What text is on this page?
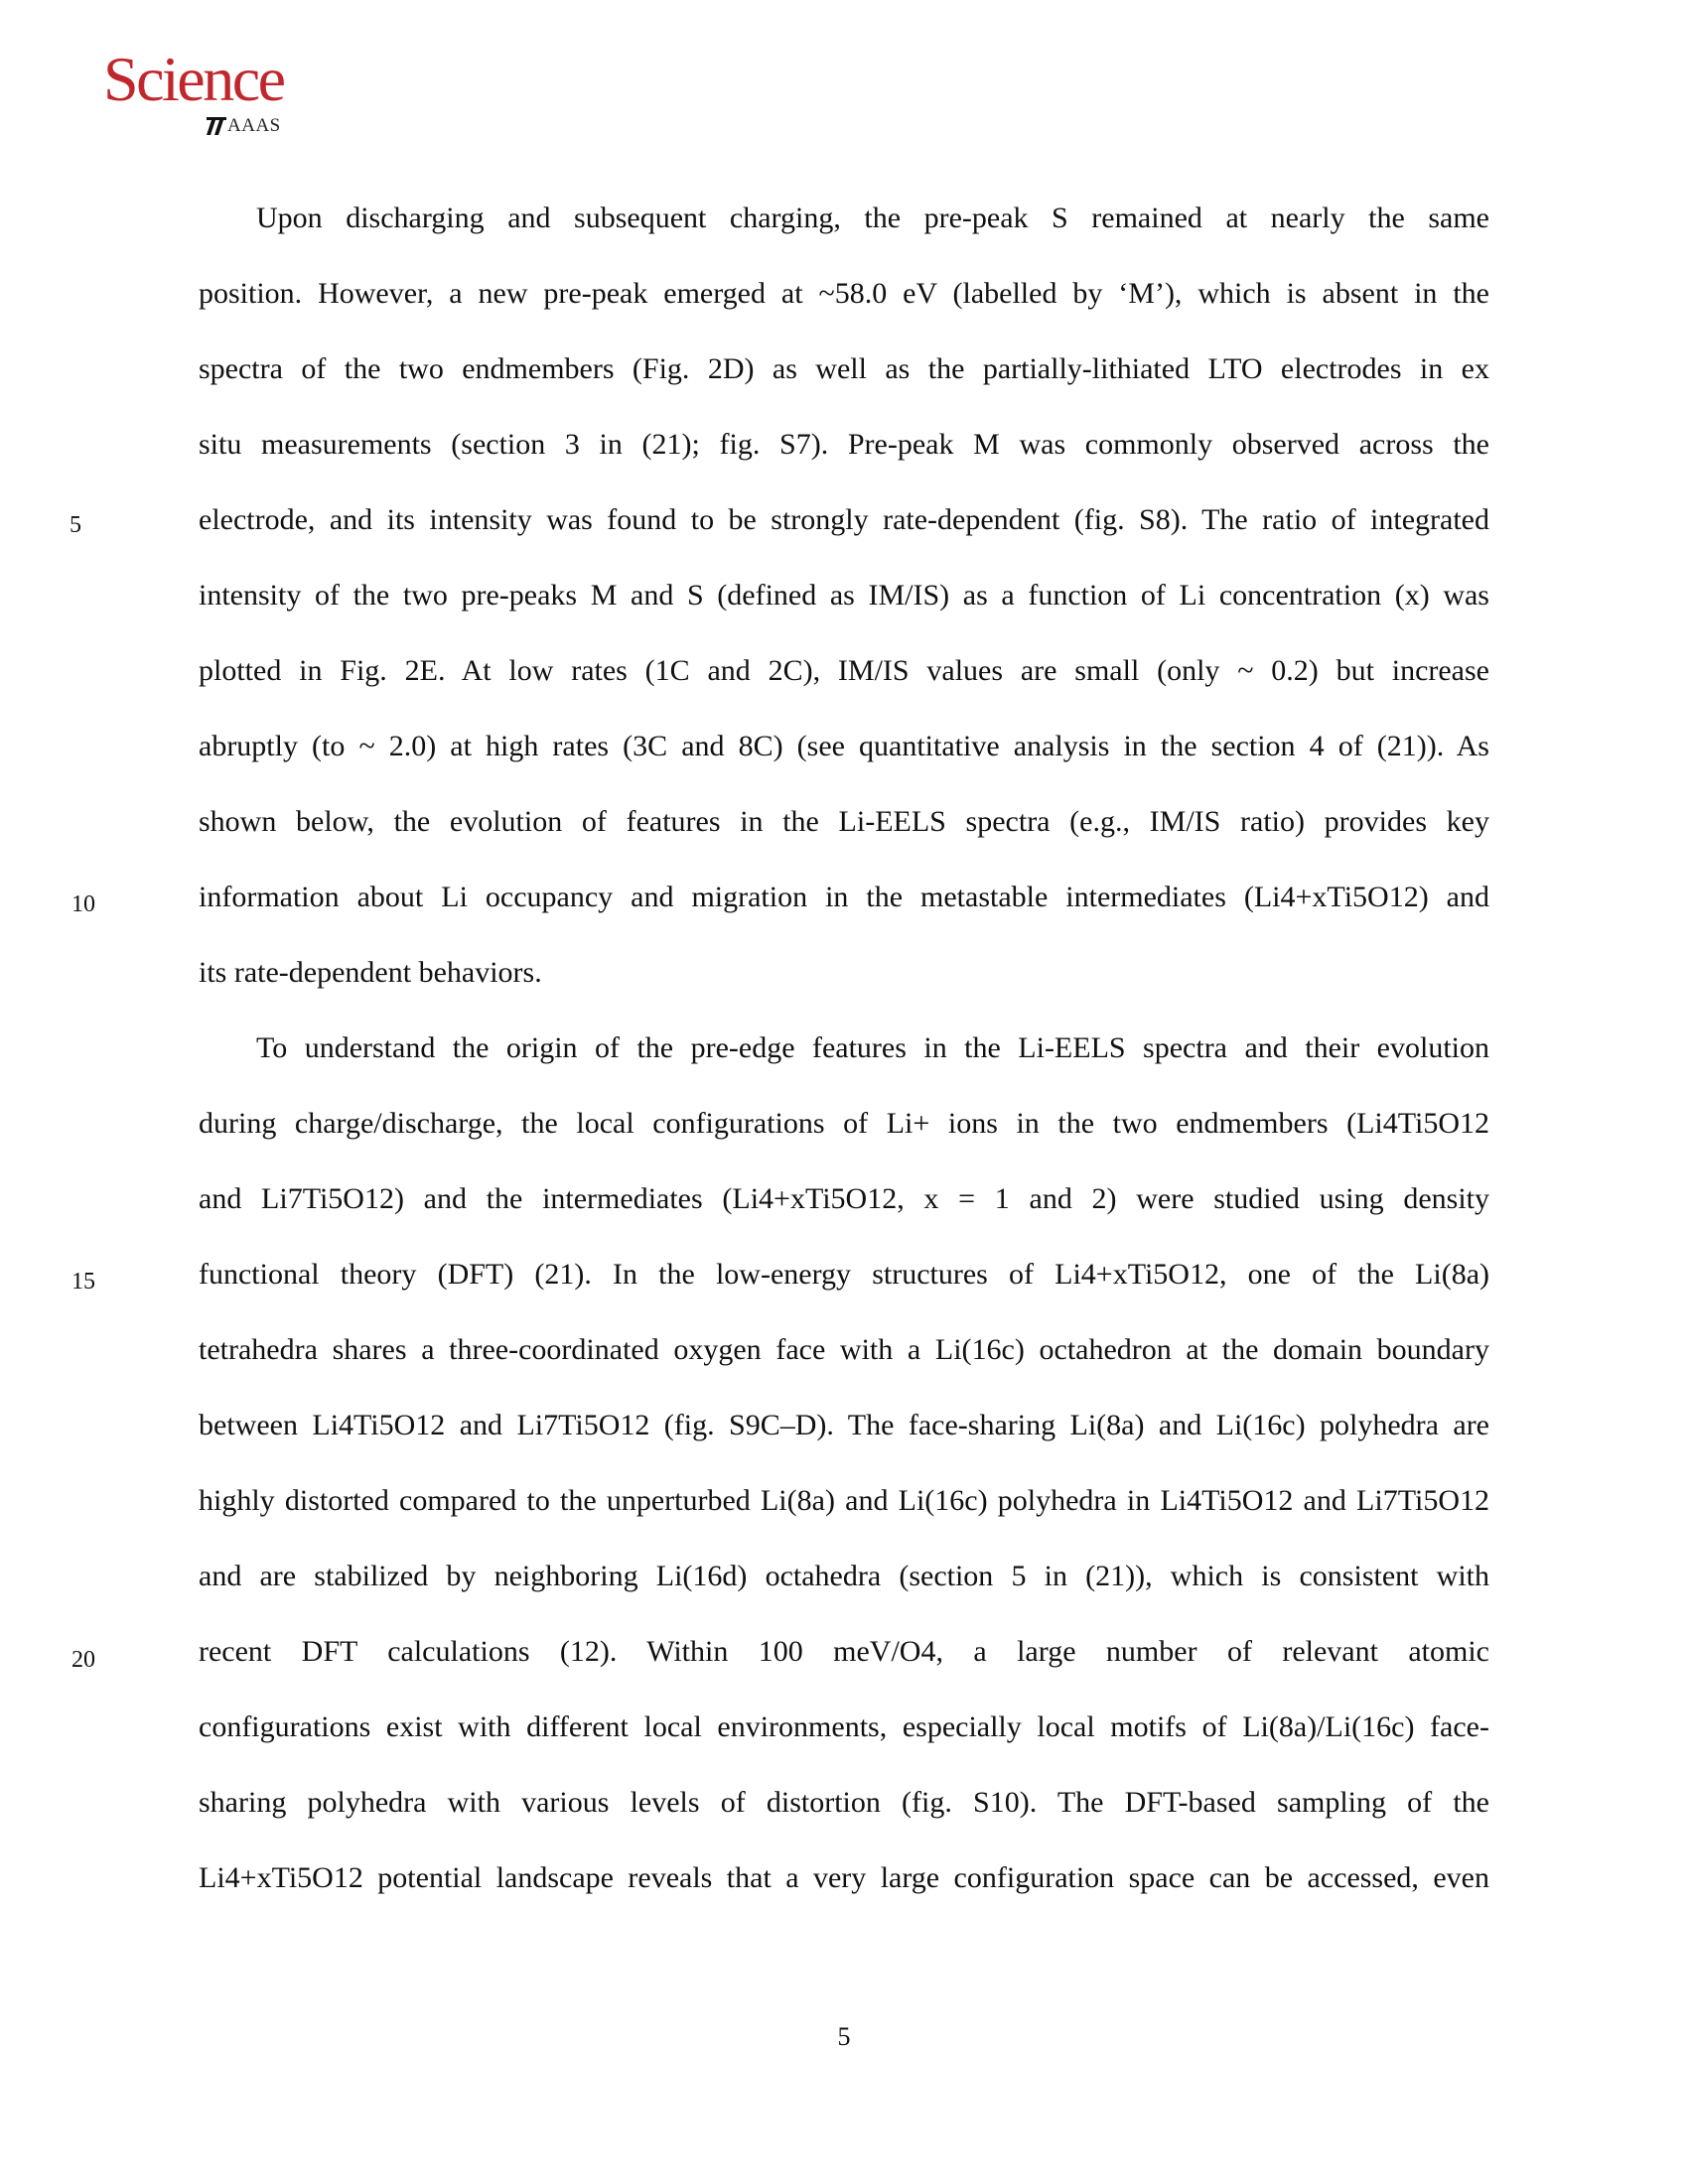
Science
AAAS
Upon discharging and subsequent charging, the pre-peak S remained at nearly the same
position. However, a new pre-peak emerged at ~58.0 eV (labelled by ‘M’), which is absent in the
spectra of the two endmembers (Fig. 2D) as well as the partially-lithiated LTO electrodes in ex
situ measurements (section 3 in (21); fig. S7). Pre-peak M was commonly observed across the
electrode, and its intensity was found to be strongly rate-dependent (fig. S8). The ratio of integrated
intensity of the two pre-peaks M and S (defined as IM/IS) as a function of Li concentration (x) was
plotted in Fig. 2E. At low rates (1C and 2C), IM/IS values are small (only ~ 0.2) but increase
abruptly (to ~ 2.0) at high rates (3C and 8C) (see quantitative analysis in the section 4 of (21)). As
shown below, the evolution of features in the Li-EELS spectra (e.g., IM/IS ratio) provides key
information about Li occupancy and migration in the metastable intermediates (Li4+xTi5O12) and
its rate-dependent behaviors.
To understand the origin of the pre-edge features in the Li-EELS spectra and their evolution
during charge/discharge, the local configurations of Li+ ions in the two endmembers (Li4Ti5O12
and Li7Ti5O12) and the intermediates (Li4+xTi5O12, x = 1 and 2) were studied using density
functional theory (DFT) (21). In the low-energy structures of Li4+xTi5O12, one of the Li(8a)
tetrahedra shares a three-coordinated oxygen face with a Li(16c) octahedron at the domain boundary
between Li4Ti5O12 and Li7Ti5O12 (fig. S9C–D). The face-sharing Li(8a) and Li(16c) polyhedra are
highly distorted compared to the unperturbed Li(8a) and Li(16c) polyhedra in Li4Ti5O12 and Li7Ti5O12
and are stabilized by neighboring Li(16d) octahedra (section 5 in (21)), which is consistent with
recent DFT calculations (12). Within 100 meV/O4, a large number of relevant atomic
configurations exist with different local environments, especially local motifs of Li(8a)/Li(16c) face-
sharing polyhedra with various levels of distortion (fig. S10). The DFT-based sampling of the
Li4+xTi5O12 potential landscape reveals that a very large configuration space can be accessed, even
5
10
15
20
5
